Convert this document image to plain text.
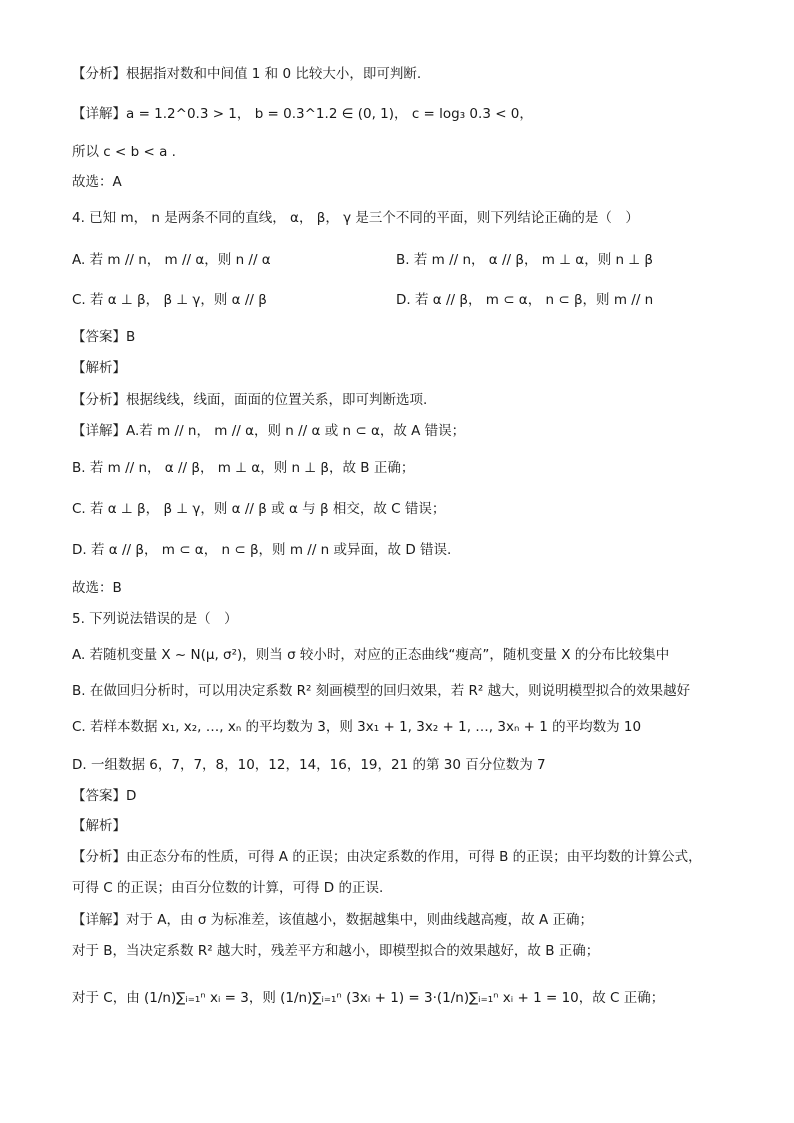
【分析】根据指对数和中间值 1 和 0 比较大小，即可判断.
【详解】a = 1.2^0.3 > 1， b = 0.3^1.2 ∈ (0, 1)， c = log₃ 0.3 < 0，
所以 c < b < a .
故选：A
4. 已知 m， n 是两条不同的直线， α， β， γ 是三个不同的平面，则下列结论正确的是（　）
A. 若 m // n， m // α，则 n // α	B. 若 m // n， α // β， m ⊥ α，则 n ⊥ β
C. 若 α ⊥ β， β ⊥ γ，则 α // β	D. 若 α // β， m ⊂ α， n ⊂ β，则 m // n
【答案】B
【解析】
【分析】根据线线，线面，面面的位置关系，即可判断选项.
【详解】A.若 m // n， m // α，则 n // α 或 n ⊂ α，故 A 错误；
B. 若 m // n， α // β， m ⊥ α，则 n ⊥ β，故 B 正确；
C. 若 α ⊥ β， β ⊥ γ，则 α // β 或 α 与 β 相交，故 C 错误；
D. 若 α // β， m ⊂ α， n ⊂ β，则 m // n 或异面，故 D 错误.
故选：B
5. 下列说法错误的是（　）
A. 若随机变量 X ~ N(μ, σ²)，则当 σ 较小时，对应的正态曲线“瘦高”，随机变量 X 的分布比较集中
B. 在做回归分析时，可以用决定系数 R² 刻画模型的回归效果，若 R² 越大，则说明模型拟合的效果越好
C. 若样本数据 x₁, x₂, …, xₙ 的平均数为 3，则 3x₁ + 1, 3x₂ + 1, …, 3xₙ + 1 的平均数为 10
D. 一组数据 6，7，7，8，10，12，14，16，19，21 的第 30 百分位数为 7
【答案】D
【解析】
【分析】由正态分布的性质，可得 A 的正误；由决定系数的作用，可得 B 的正误；由平均数的计算公式，
可得 C 的正误；由百分位数的计算，可得 D 的正误.
【详解】对于 A，由 σ 为标准差，该值越小，数据越集中，则曲线越高瘦，故 A 正确；
对于 B，当决定系数 R² 越大时，残差平方和越小，即模型拟合的效果越好，故 B 正确；
对于 C，由 (1/n)∑ᵢ₌₁ⁿ xᵢ = 3，则 (1/n)∑ᵢ₌₁ⁿ (3xᵢ + 1) = 3·(1/n)∑ᵢ₌₁ⁿ xᵢ + 1 = 10，故 C 正确；
